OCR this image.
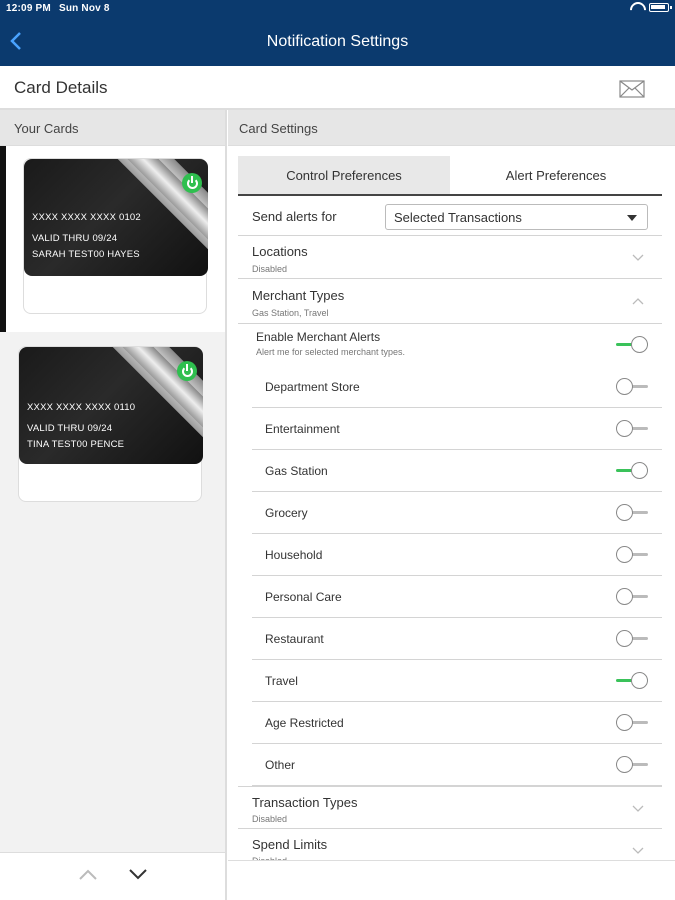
12:09 PM Sun Nov 8
Notification Settings
Card Details
Your Cards
XXXX XXXX XXXX 0102
VALID THRU 09/24
SARAH TEST00 HAYES
XXXX XXXX XXXX 0110
VALID THRU 09/24
TINA TEST00 PENCE
Card Settings
Control Preferences	Alert Preferences
Send alerts for	Selected Transactions
Locations
Disabled
Merchant Types
Gas Station, Travel
Enable Merchant Alerts
Alert me for selected merchant types.
Department Store
Entertainment
Gas Station
Grocery
Household
Personal Care
Restaurant
Travel
Age Restricted
Other
Transaction Types
Disabled
Spend Limits
